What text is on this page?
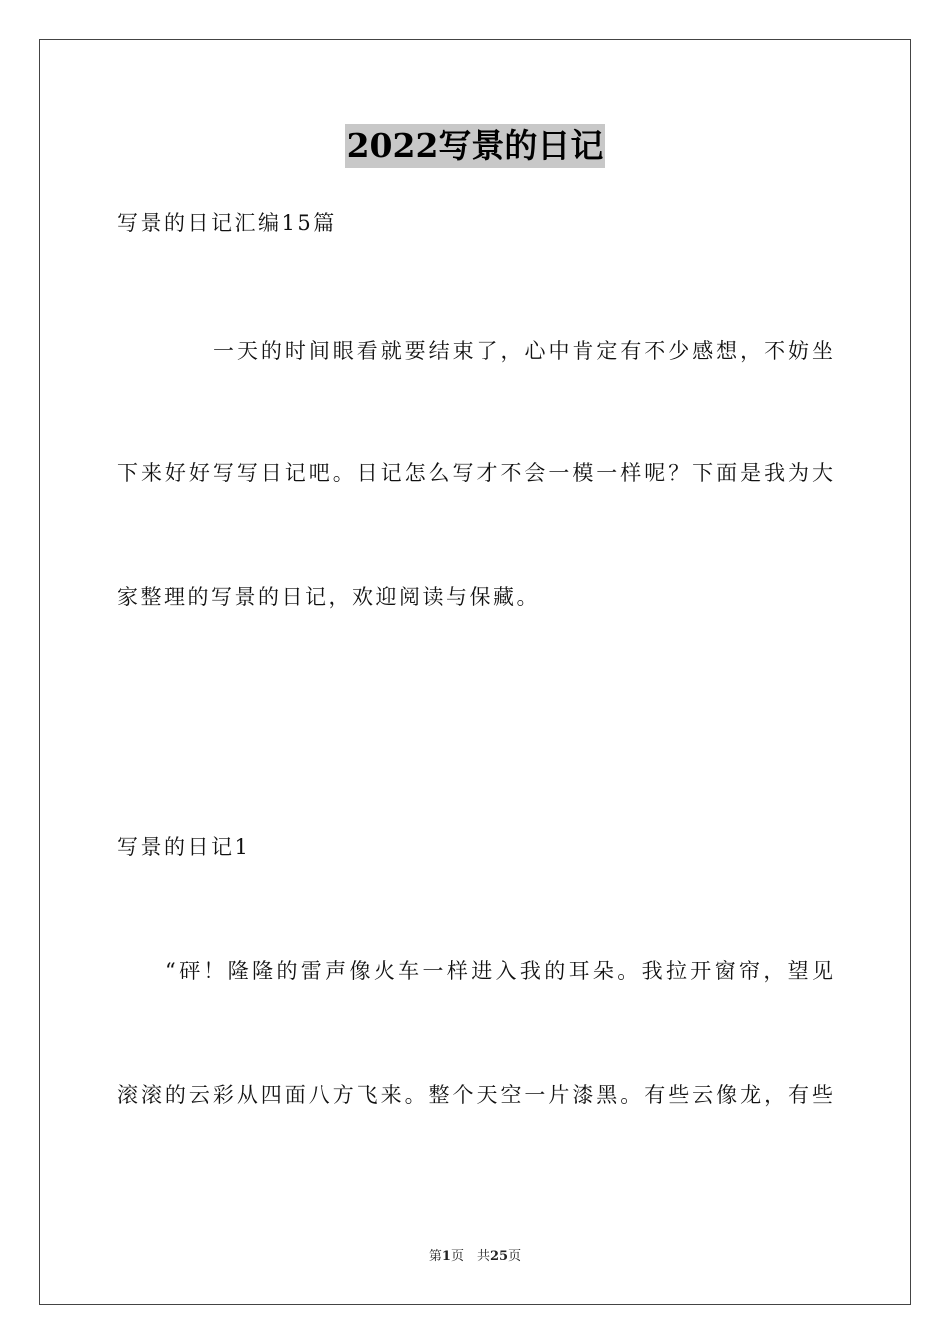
2022写景的日记
写景的日记汇编15篇
一天的时间眼看就要结束了，心中肯定有不少感想，不妨坐
下来好好写写日记吧。日记怎么写才不会一模一样呢？下面是我为大
家整理的写景的日记，欢迎阅读与保藏。
写景的日记1
“砰！隆隆的雷声像火车一样进入我的耳朵。我拉开窗帘，望见
滚滚的云彩从四面八方飞来。整个天空一片漆黑。有些云像龙，有些
第1页　共25页
